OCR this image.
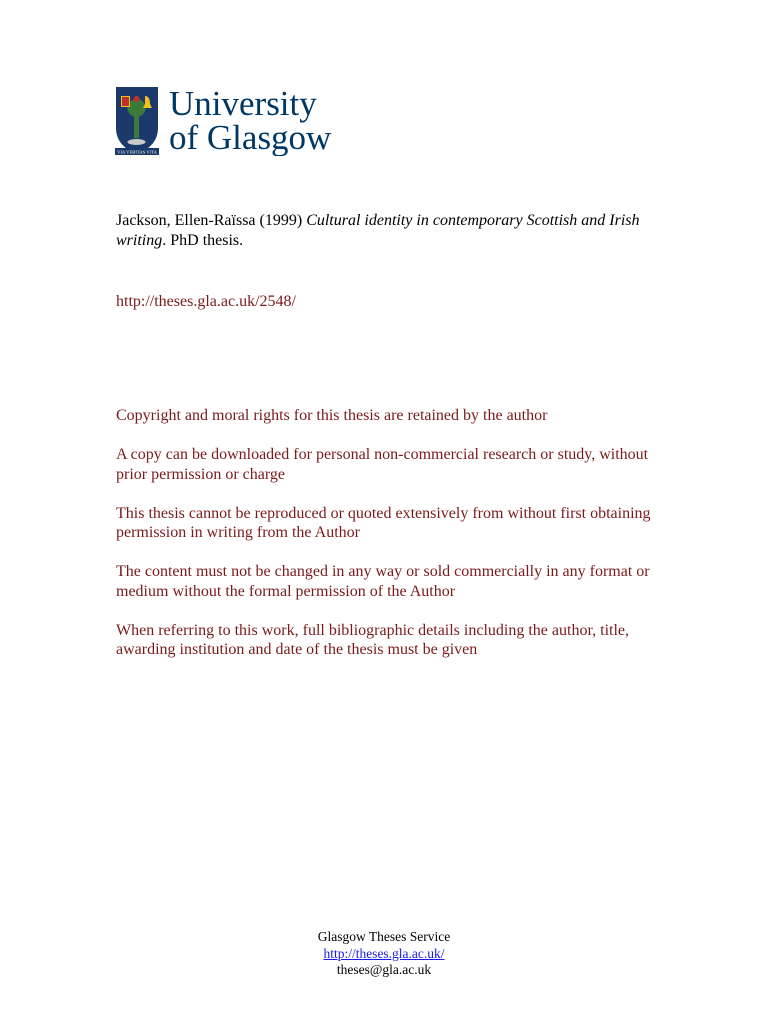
VIA VERITAS VITA
University
of Glasgow
Jackson, Ellen-Raïssa (1999) Cultural identity in contemporary Scottish and Irish writing. PhD thesis.
http://theses.gla.ac.uk/2548/

Copyright and moral rights for this thesis are retained by the author

A copy can be downloaded for personal non-commercial research or study, without prior permission or charge

This thesis cannot be reproduced or quoted extensively from without first obtaining permission in writing from the Author

The content must not be changed in any way or sold commercially in any format or medium without the formal permission of the Author

When referring to this work, full bibliographic details including the author, title, awarding institution and date of the thesis must be given

Glasgow Theses Service
http://theses.gla.ac.uk/
theses@gla.ac.uk
